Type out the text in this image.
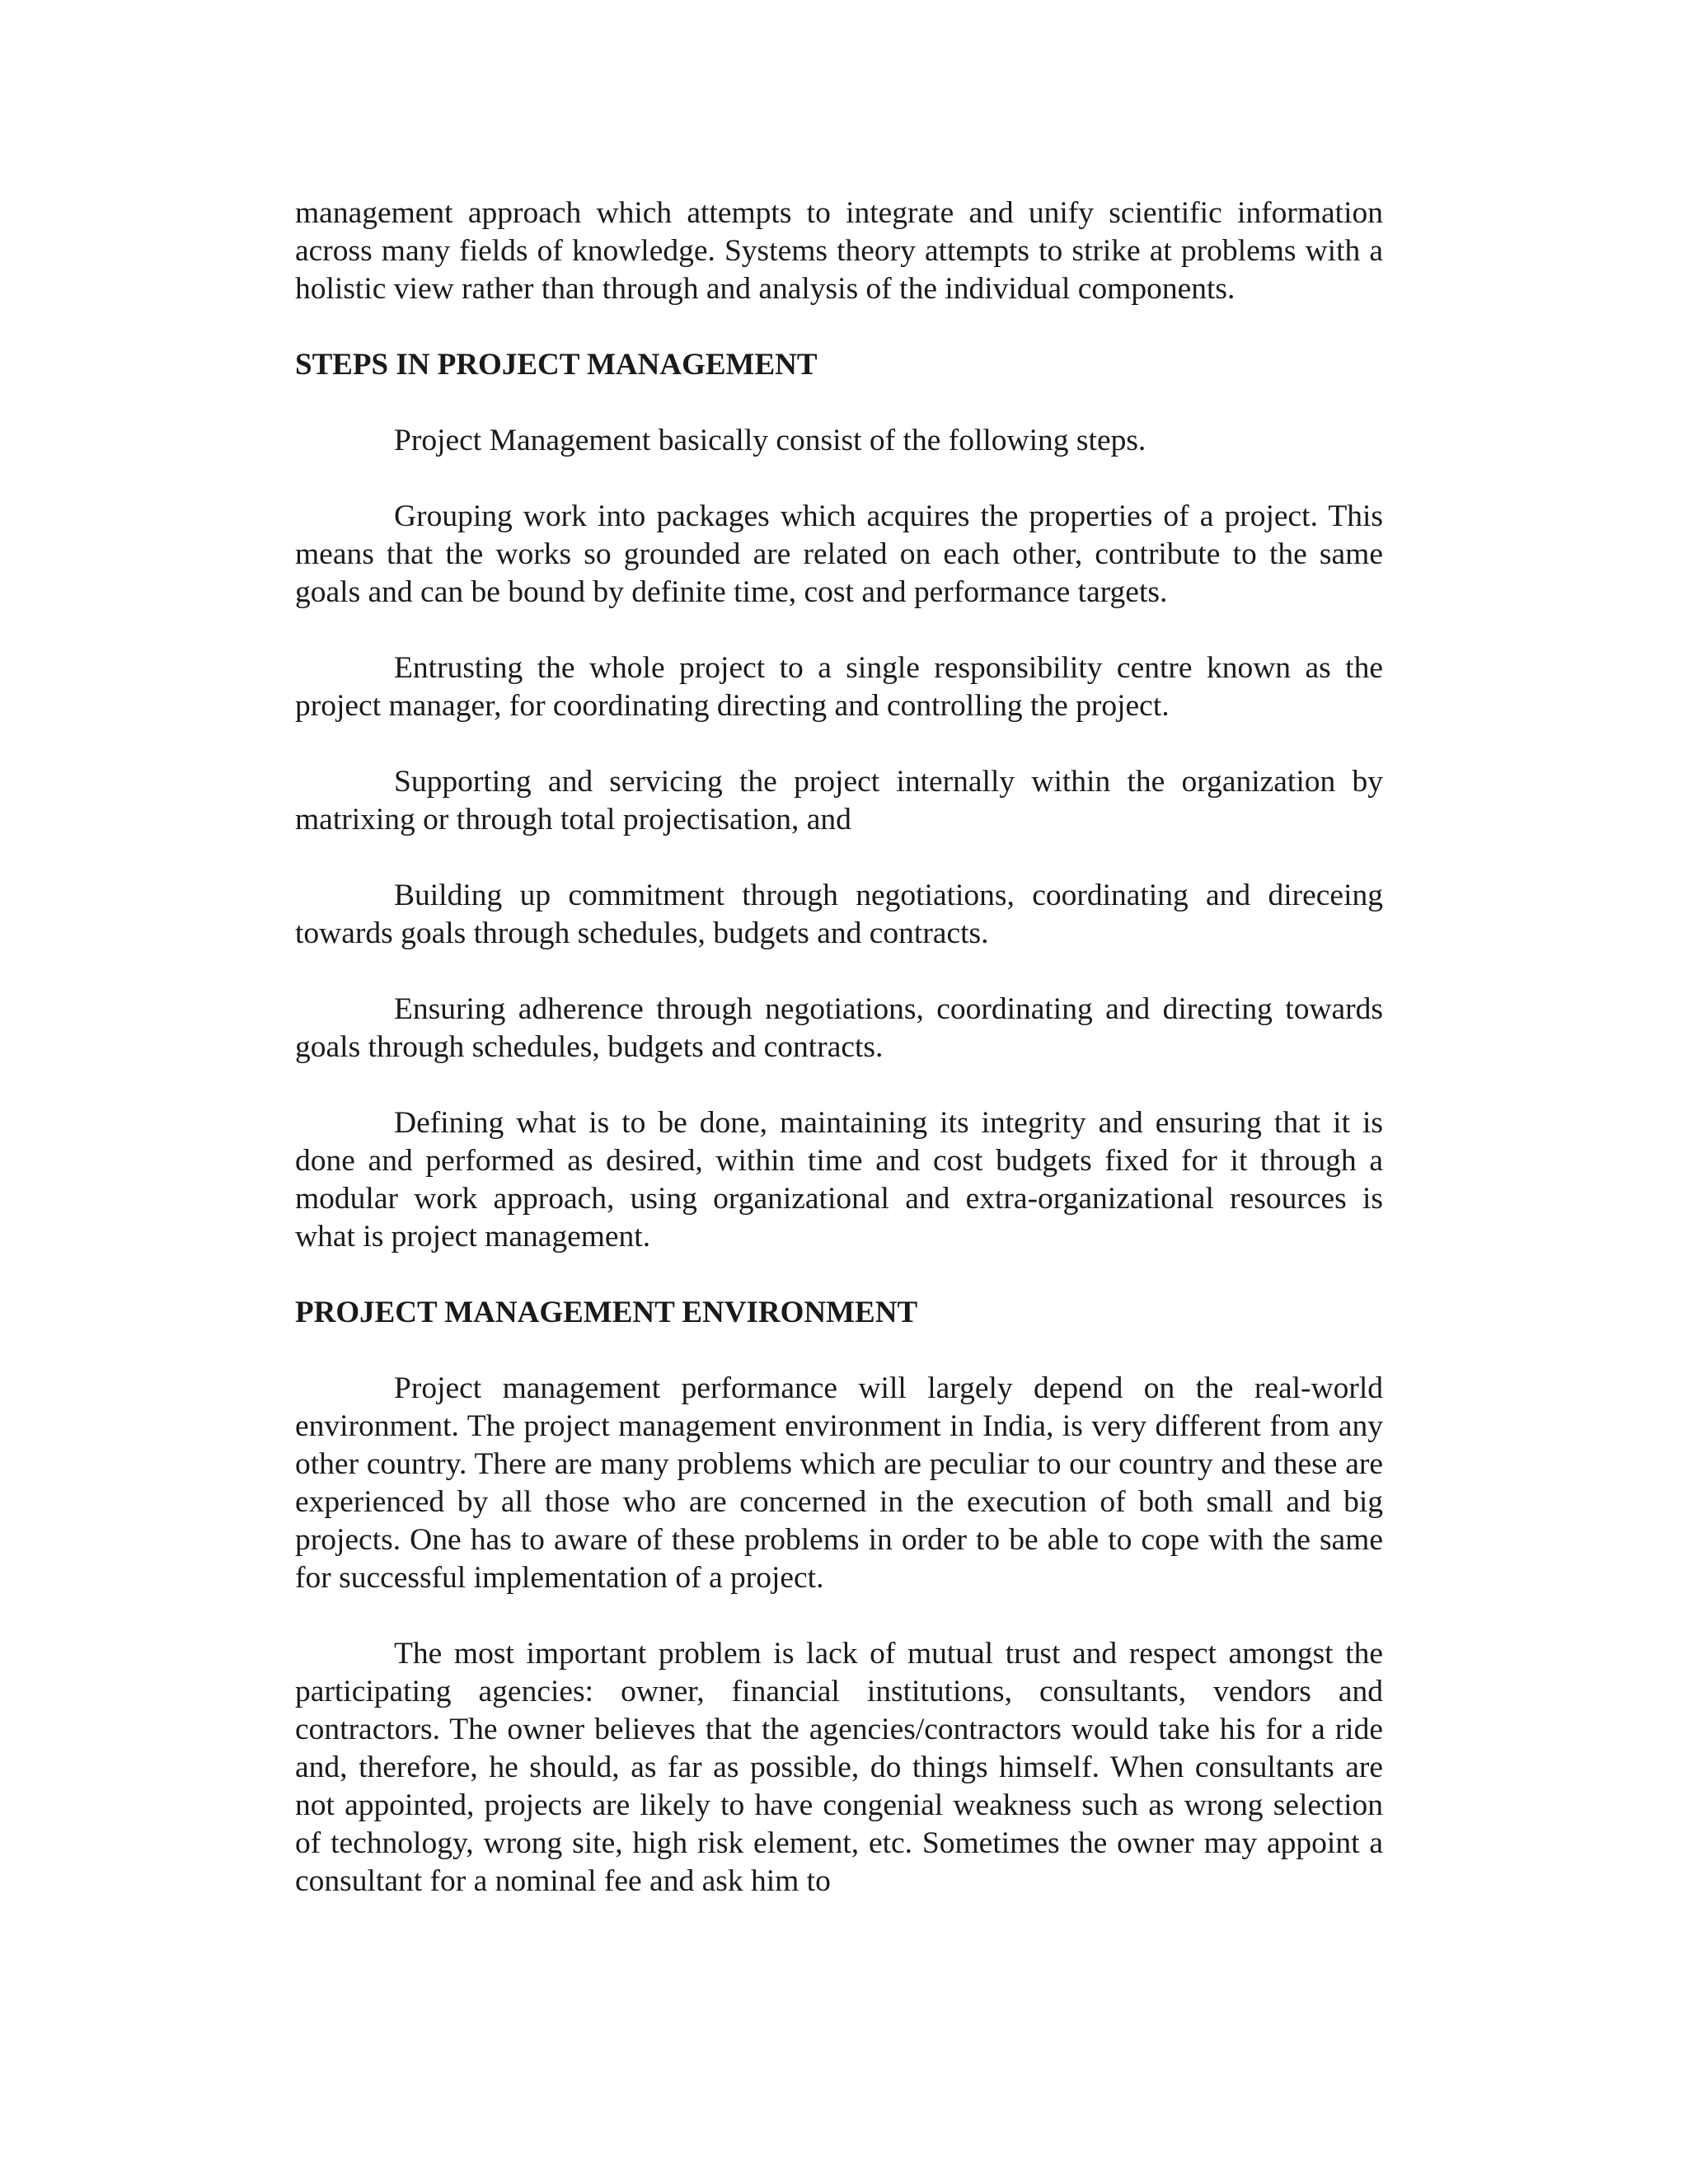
management approach which attempts to integrate and unify scientific information across many fields of knowledge. Systems theory attempts to strike at problems with a holistic view rather than through and analysis of the individual components.

STEPS IN PROJECT MANAGEMENT

Project Management basically consist of the following steps.

Grouping work into packages which acquires the properties of a project. This means that the works so grounded are related on each other, contribute to the same goals and can be bound by definite time, cost and performance targets.

Entrusting the whole project to a single responsibility centre known as the project manager, for coordinating directing and controlling the project.

Supporting and servicing the project internally within the organization by matrixing or through total projectisation, and

Building up commitment through negotiations, coordinating and direceing towards goals through schedules, budgets and contracts.

Ensuring adherence through negotiations, coordinating and directing towards goals through schedules, budgets and contracts.

Defining what is to be done, maintaining its integrity and ensuring that it is done and performed as desired, within time and cost budgets fixed for it through a modular work approach, using organizational and extra-organizational resources is what is project management.

PROJECT MANAGEMENT ENVIRONMENT

Project management performance will largely depend on the real-world environment. The project management environment in India, is very different from any other country. There are many problems which are peculiar to our country and these are experienced by all those who are concerned in the execution of both small and big projects. One has to aware of these problems in order to be able to cope with the same for successful implementation of a project.

The most important problem is lack of mutual trust and respect amongst the participating agencies: owner, financial institutions, consultants, vendors and contractors. The owner believes that the agencies/contractors would take his for a ride and, therefore, he should, as far as possible, do things himself. When consultants are not appointed, projects are likely to have congenial weakness such as wrong selection of technology, wrong site, high risk element, etc. Sometimes the owner may appoint a consultant for a nominal fee and ask him to
